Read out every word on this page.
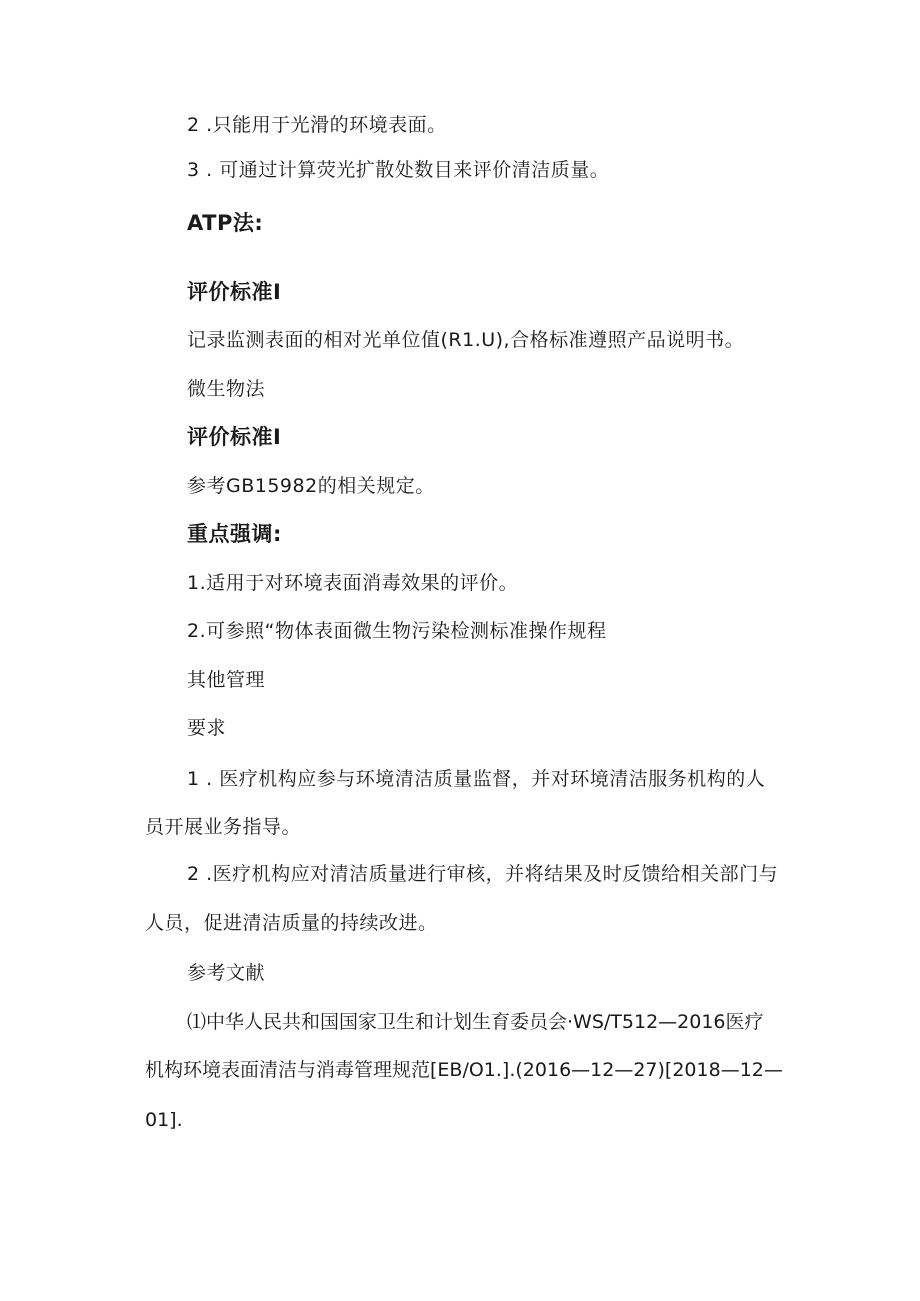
2 .只能用于光滑的环境表面。
3 . 可通过计算荧光扩散处数目来评价清洁质量。
ATP法:
评价标准I
记录监测表面的相对光单位值(R1.U),合格标准遵照产品说明书。
微生物法
评价标准I
参考GB15982的相关规定。
重点强调:
1.适用于对环境表面消毒效果的评价。
2.可参照“物体表面微生物污染检测标准操作规程
其他管理
要求
1 . 医疗机构应参与环境清洁质量监督，并对环境清洁服务机构的人
员开展业务指导。
2 .医疗机构应对清洁质量进行审核，并将结果及时反馈给相关部门与
人员，促进清洁质量的持续改进。
参考文献
⑴中华人民共和国国家卫生和计划生育委员会·WS/T512—2016医疗
机构环境表面清洁与消毒管理规范[EB/O1.].(2016—12—27)[2018—12—
01].
